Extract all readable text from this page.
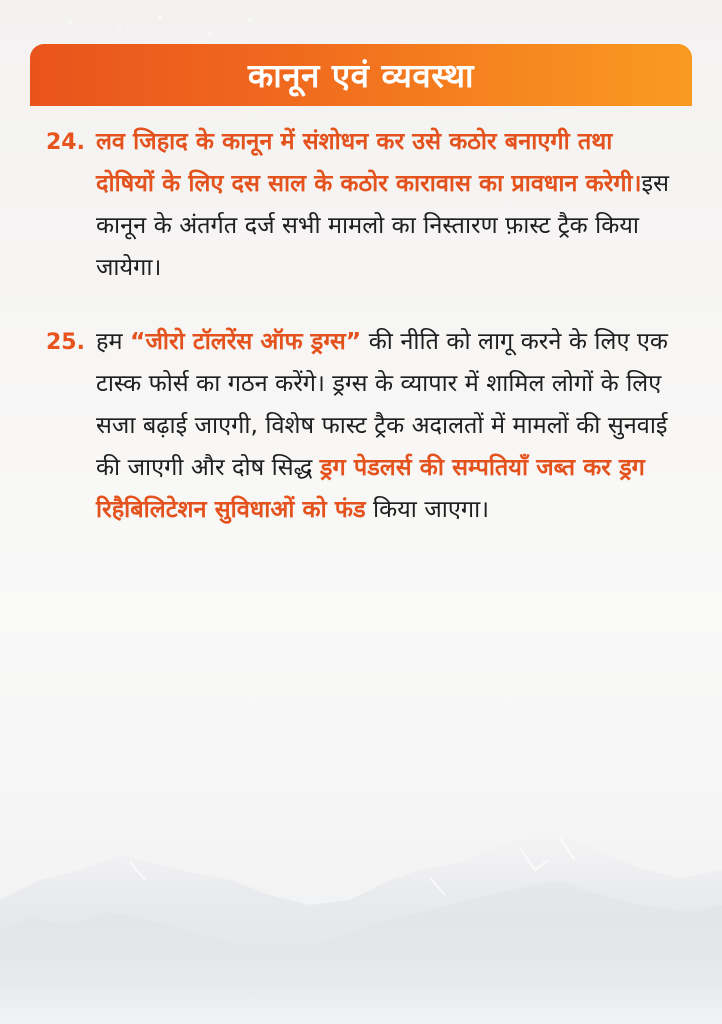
कानून एवं व्यवस्था
24. लव जिहाद के कानून में संशोधन कर उसे कठोर बनाएगी तथा दोषियों के लिए दस साल के कठोर कारावास का प्रावधान करेगी।इस कानून के अंतर्गत दर्ज सभी मामलो का निस्तारण फ़ास्ट ट्रैक किया जायेगा।
25. हम “जीरो टॉलरेंस ऑफ ड्रग्स” की नीति को लागू करने के लिए एक टास्क फोर्स का गठन करेंगे। ड्रग्स के व्यापार में शामिल लोगों के लिए सजा बढ़ाई जाएगी, विशेष फास्ट ट्रैक अदालतों में मामलों की सुनवाई की जाएगी और दोष सिद्ध ड्रग पेडलर्स की सम्पतियाँ जब्त कर ड्रग रिहैबिलिटेशन सुविधाओं को फंड किया जाएगा।
